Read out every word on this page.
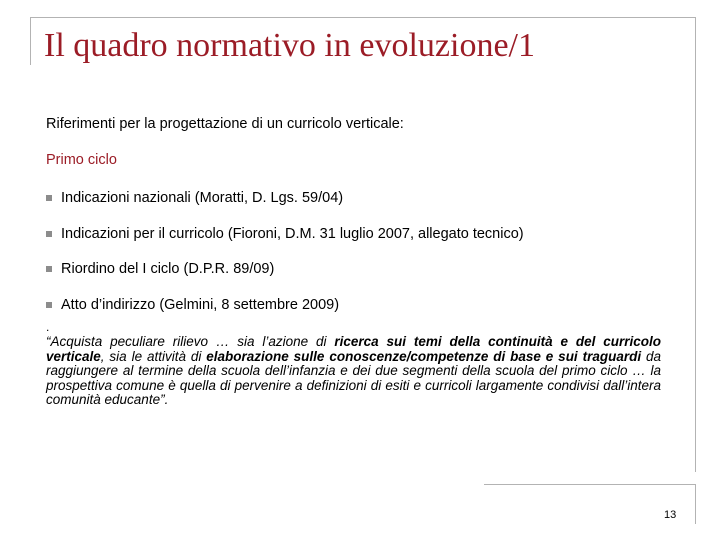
Il quadro normativo in evoluzione/1
Riferimenti per la progettazione di un curricolo verticale:
Primo ciclo
Indicazioni nazionali (Moratti, D. Lgs. 59/04)
Indicazioni per il curricolo (Fioroni, D.M. 31 luglio 2007, allegato tecnico)
Riordino del I ciclo (D.P.R. 89/09)
Atto d’indirizzo (Gelmini, 8 settembre 2009)
.

“Acquista peculiare rilievo … sia l’azione di ricerca sui temi della continuità e del curricolo verticale, sia le attività di elaborazione sulle conoscenze/competenze di base e sui traguardi da raggiungere al termine della scuola dell’infanzia e dei due segmenti della scuola del primo ciclo … la prospettiva comune è quella di pervenire a definizioni di esiti e curricoli largamente condivisi dall’intera comunità educante”.

13
